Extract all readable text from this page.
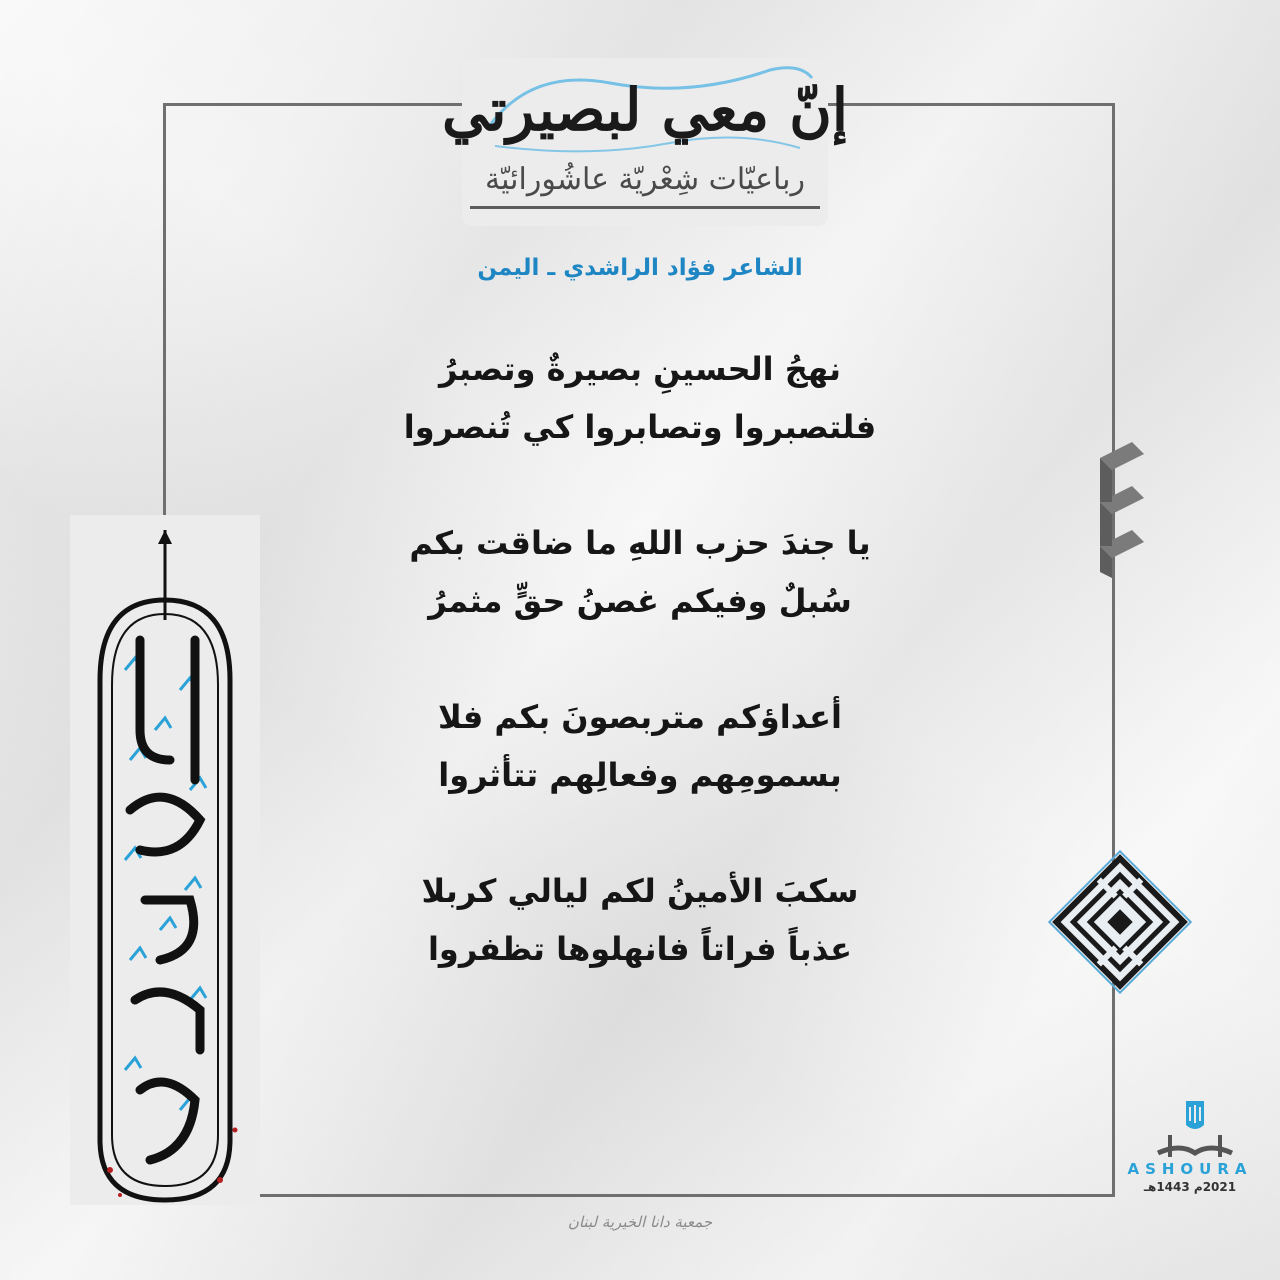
إنّ معي لبصيرتي
رباعيّات شِعْريّة عاشُورائيّة
الشاعر فؤاد الراشدي ـ اليمن
نهجُ الحسينِ بصيرةٌ وتصبرُ
فلتصبروا وتصابروا كي تُنصروا
يا جندَ حزب اللهِ ما ضاقت بكم
سُبلٌ وفيكم غصنُ حقٍّ مثمرُ
أعداؤكم متربصونَ بكم فلا
بسمومِهم وفعالِهم تتأثروا
سكبَ الأمينُ لكم ليالي كربلا
عذباً فراتاً فانهلوها تظفروا
ASHOURA
2021م 1443هـ
جمعية دانا الخيرية لبنان
